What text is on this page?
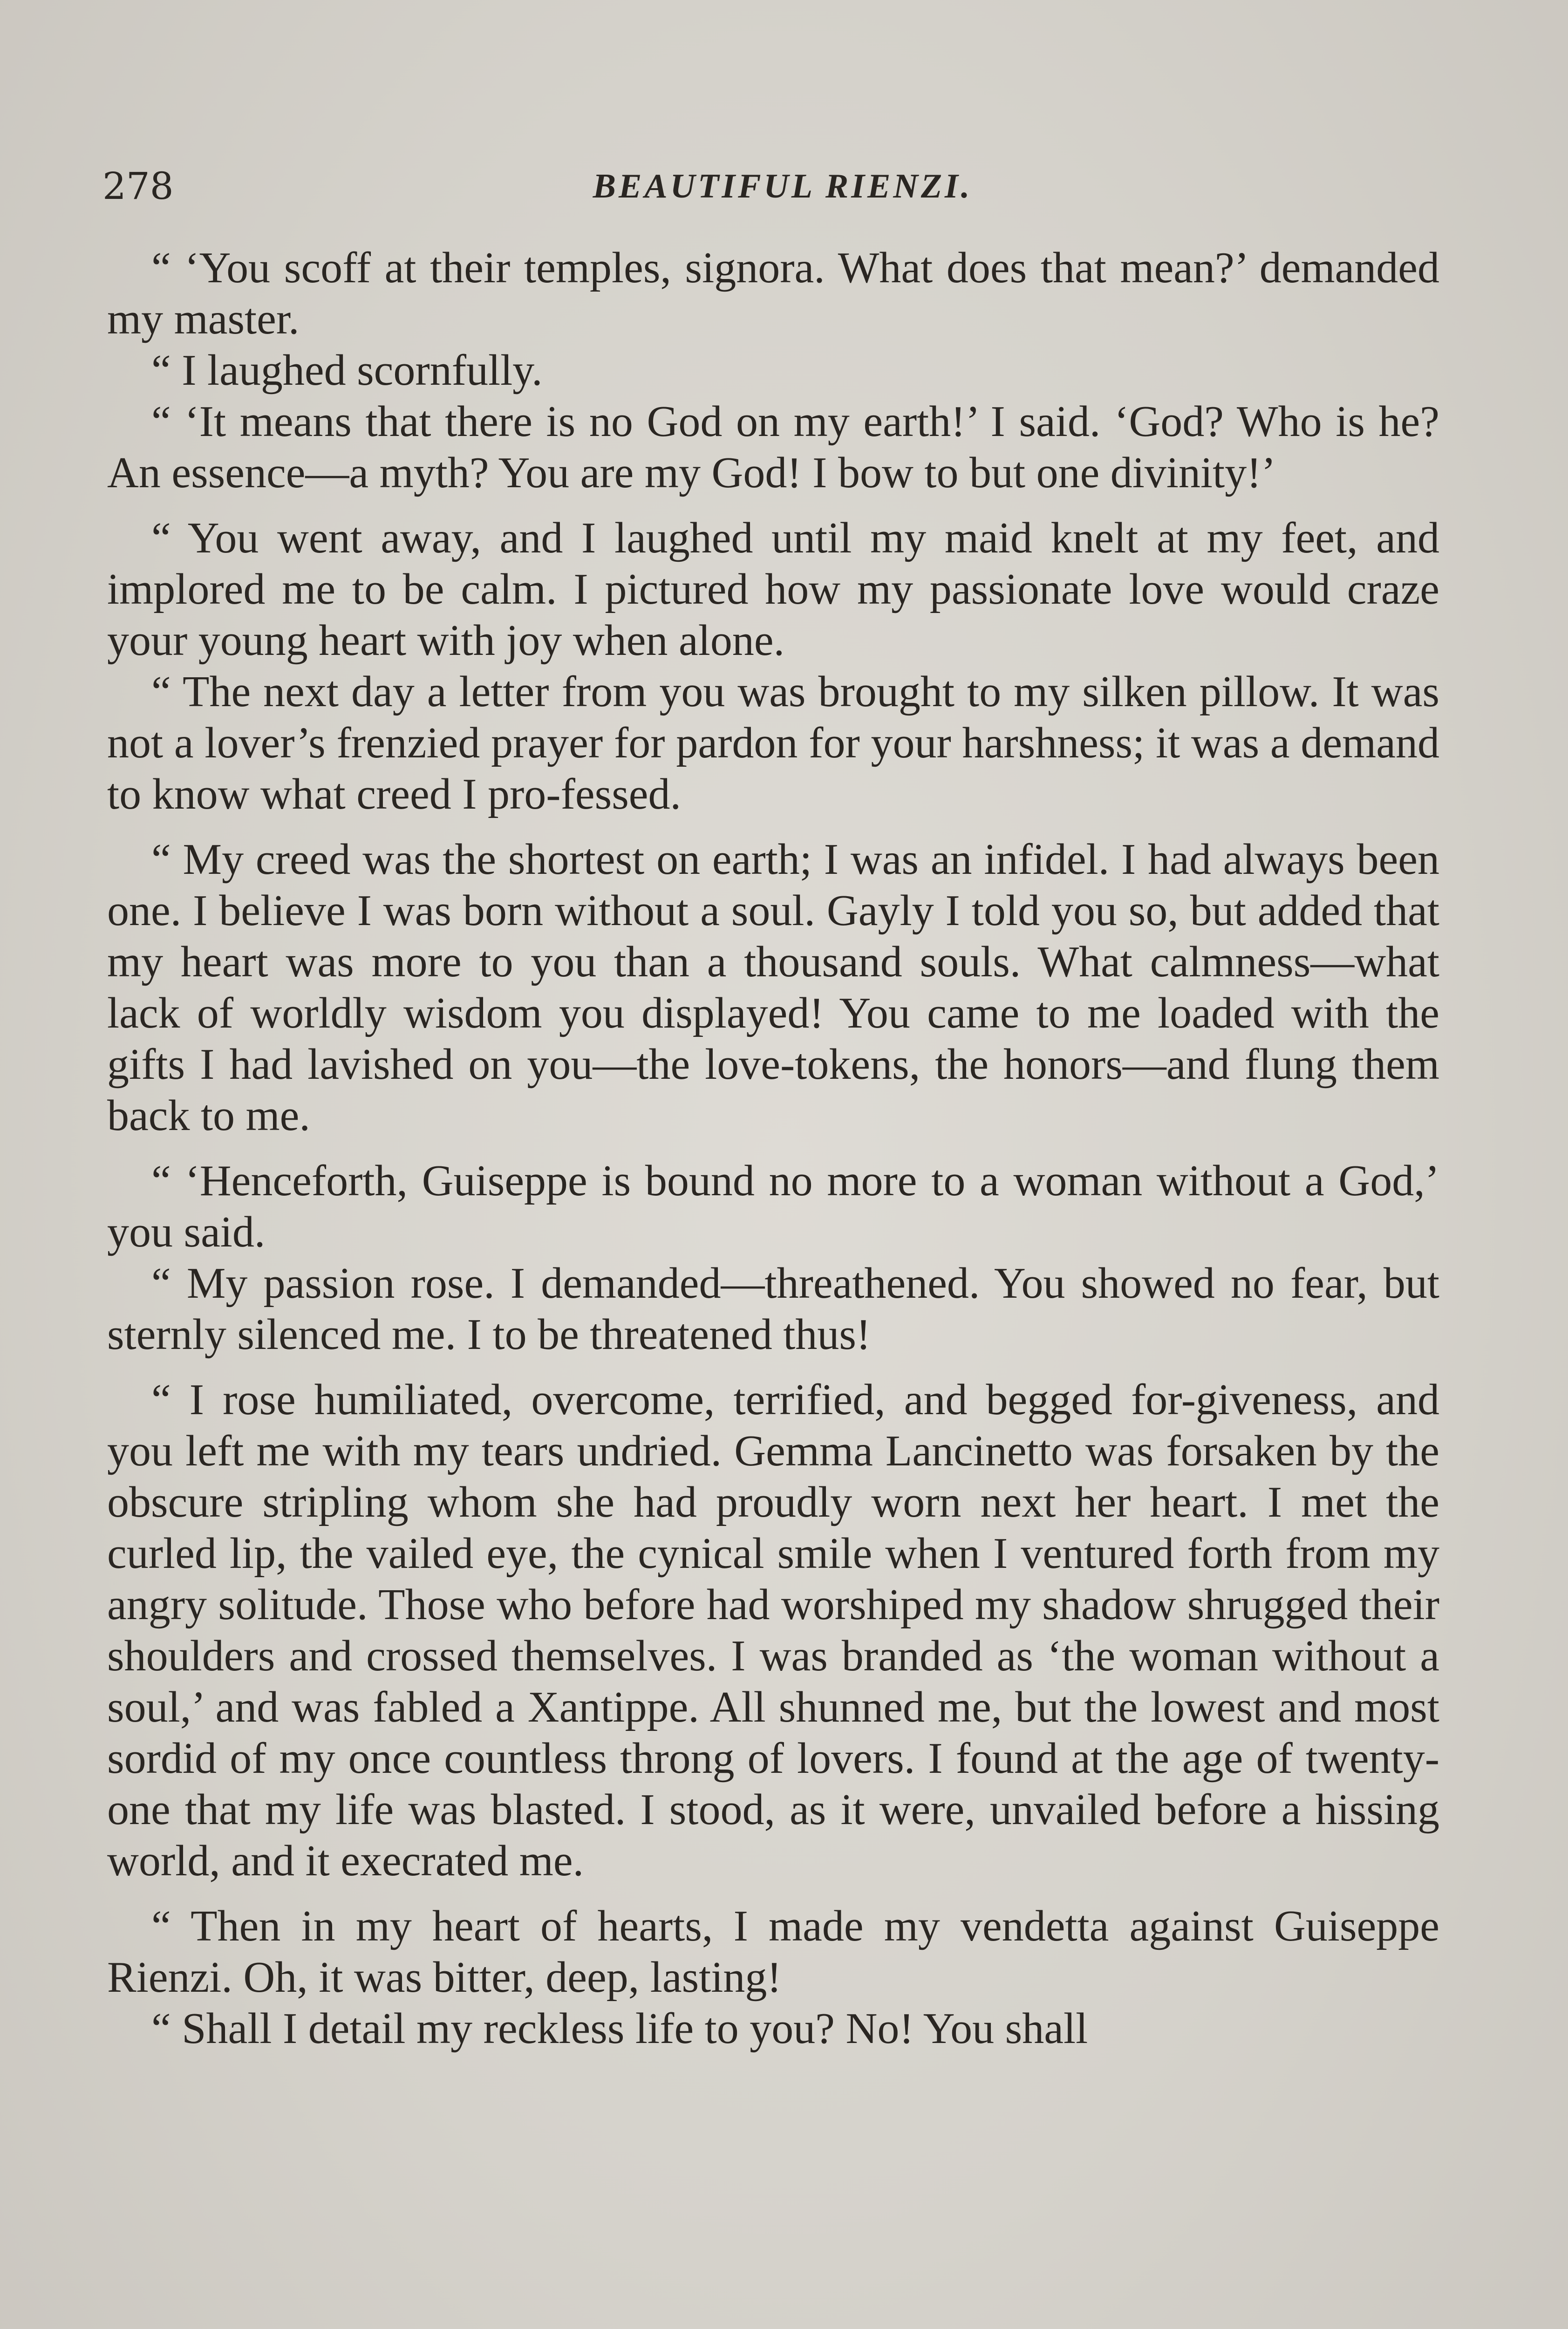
278	BEAUTIFUL RIENZI.

“ ‘You scoff at their temples, signora. What does that mean?’ demanded my master.

“ I laughed scornfully.

“ ‘It means that there is no God on my earth!’ I said. ‘God? Who is he? An essence—a myth? You are my God! I bow to but one divinity!’

“ You went away, and I laughed until my maid knelt at my feet, and implored me to be calm. I pictured how my passionate love would craze your young heart with joy when alone.

“ The next day a letter from you was brought to my silken pillow. It was not a lover’s frenzied prayer for pardon for your harshness; it was a demand to know what creed I pro-fessed.

“ My creed was the shortest on earth; I was an infidel. I had always been one. I believe I was born without a soul. Gayly I told you so, but added that my heart was more to you than a thousand souls. What calmness—what lack of worldly wisdom you displayed! You came to me loaded with the gifts I had lavished on you—the love-tokens, the honors—and flung them back to me.

“ ‘Henceforth, Guiseppe is bound no more to a woman without a God,’ you said.

“ My passion rose. I demanded—threathened. You showed no fear, but sternly silenced me. I to be threatened thus!

“ I rose humiliated, overcome, terrified, and begged for-giveness, and you left me with my tears undried. Gemma Lancinetto was forsaken by the obscure stripling whom she had proudly worn next her heart. I met the curled lip, the vailed eye, the cynical smile when I ventured forth from my angry solitude. Those who before had worshiped my shadow shrugged their shoulders and crossed themselves. I was branded as ‘the woman without a soul,’ and was fabled a Xantippe. All shunned me, but the lowest and most sordid of my once countless throng of lovers. I found at the age of twenty-one that my life was blasted. I stood, as it were, unvailed before a hissing world, and it execrated me.

“ Then in my heart of hearts, I made my vendetta against Guiseppe Rienzi. Oh, it was bitter, deep, lasting!

“ Shall I detail my reckless life to you? No! You shall
